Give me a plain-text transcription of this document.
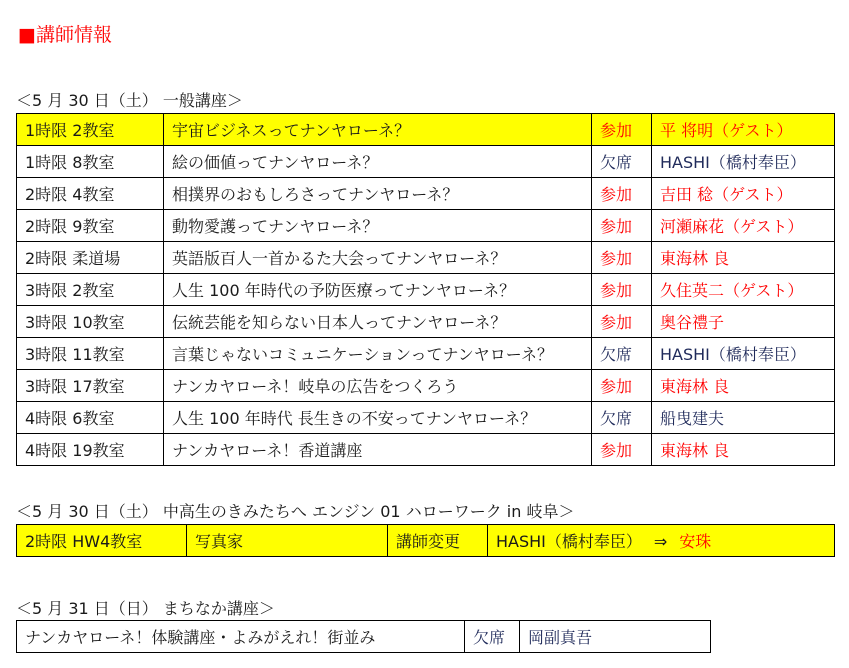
■講師情報
＜5 月 30 日（土） 一般講座＞
1時限 2教室	宇宙ビジネスってナンヤローネ？	参加	平 将明（ゲスト）
1時限 8教室	絵の価値ってナンヤローネ？	欠席	HASHI（橋村奉臣）
2時限 4教室	相撲界のおもしろさってナンヤローネ？	参加	吉田 稔（ゲスト）
2時限 9教室	動物愛護ってナンヤローネ？	参加	河瀬麻花（ゲスト）
2時限 柔道場	英語版百人一首かるた大会ってナンヤローネ？	参加	東海林 良
3時限 2教室	人生 100 年時代の予防医療ってナンヤローネ？	参加	久住英二（ゲスト）
3時限 10教室	伝統芸能を知らない日本人ってナンヤローネ？	参加	奥谷禮子
3時限 11教室	言葉じゃないコミュニケーションってナンヤローネ？	欠席	HASHI（橋村奉臣）
3時限 17教室	ナンカヤローネ！岐阜の広告をつくろう	参加	東海林 良
4時限 6教室	人生 100 年時代 長生きの不安ってナンヤローネ？	欠席	船曳建夫
4時限 19教室	ナンカヤローネ！香道講座	参加	東海林 良
＜5 月 30 日（土） 中高生のきみたちへ エンジン 01 ハローワーク in 岐阜＞
2時限 HW4教室	写真家	講師変更	HASHI（橋村奉臣） ⇒ 安珠
＜5 月 31 日（日） まちなか講座＞
ナンカヤローネ！体験講座・よみがえれ！街並み	欠席	岡副真吾
